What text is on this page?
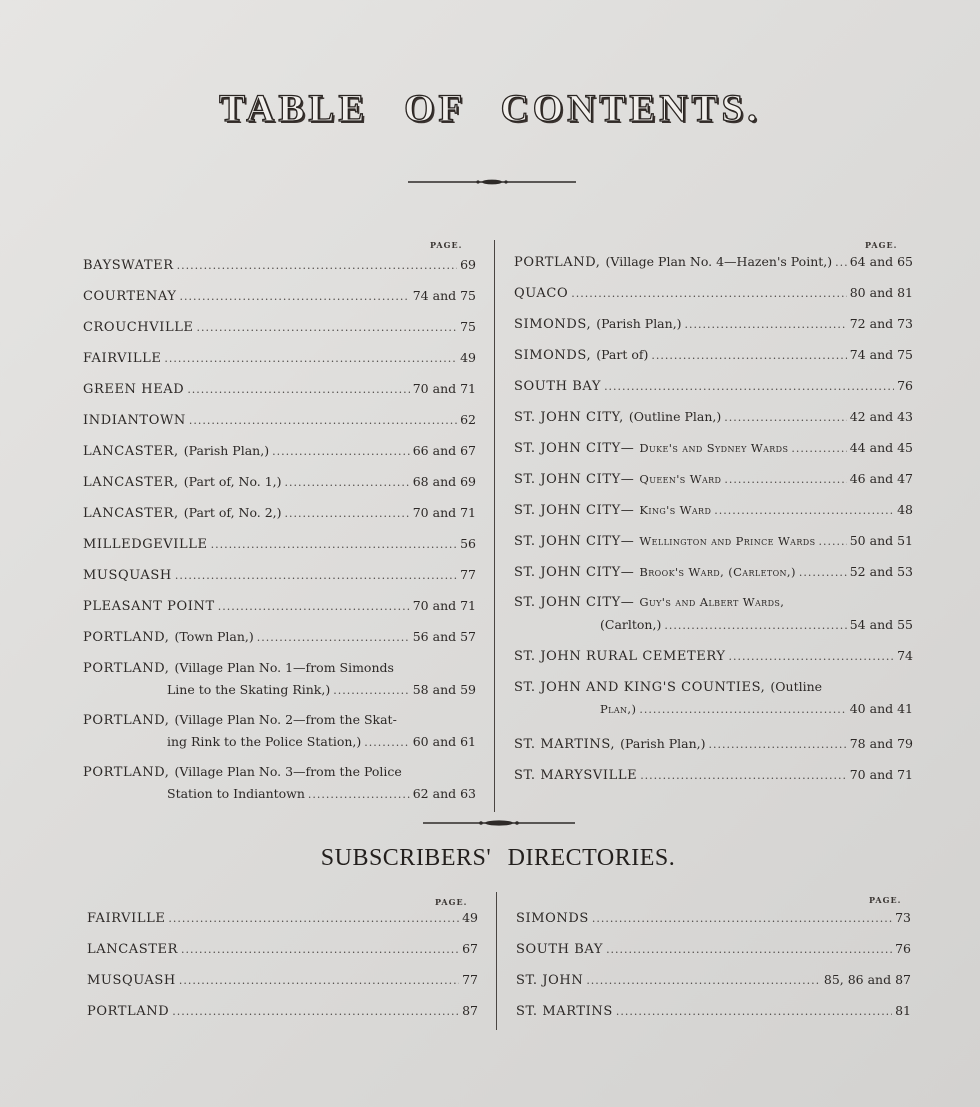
TABLE OF CONTENTS.
PAGE.	PAGE.
BAYSWATER .....	69
COURTENAY .....	74 and 75
CROUCHVILLE .....	75
FAIRVILLE .....	49
GREEN HEAD .....	70 and 71
INDIANTOWN .....	62
LANCASTER, (Parish Plan,) .....	66 and 67
LANCASTER, (Part of, No. 1,) .....	68 and 69
LANCASTER, (Part of, No. 2,) .....	70 and 71
MILLEDGEVILLE .....	56
MUSQUASH .....	77
PLEASANT POINT .....	70 and 71
PORTLAND, (Town Plan,) .....	56 and 57
PORTLAND, (Village Plan No. 1—from Simonds
Line to the Skating Rink,) .....	58 and 59
PORTLAND, (Village Plan No. 2—from the Skat-
ing Rink to the Police Station,) .....	60 and 61
PORTLAND, (Village Plan No. 3—from the Police
Station to Indiantown .....	62 and 63
PORTLAND, (Village Plan No. 4—Hazen's Point,) ..... 64 and 65
QUACO .....	80 and 81
SIMONDS, (Parish Plan,) .....	72 and 73
SIMONDS, (Part of) .....	74 and 75
SOUTH BAY .....	76
ST. JOHN CITY, (Outline Plan,) .....	42 and 43
ST. JOHN CITY— Duke's and Sydney Wards .....	44 and 45
ST. JOHN CITY— Queen's Ward .....	46 and 47
ST. JOHN CITY— King's Ward .....	48
ST. JOHN CITY— Wellington and Prince Wards .....	50 and 51
ST. JOHN CITY— Brook's Ward, (Carleton,) .....	52 and 53
ST. JOHN CITY— Guy's and Albert Wards,
(Carlton,) .....	54 and 55
ST. JOHN RURAL CEMETERY .....	74
ST. JOHN AND KING'S COUNTIES, (Outline
Plan,) .....	40 and 41
ST. MARTINS, (Parish Plan,) .....	78 and 79
ST. MARYSVILLE .....	70 and 71
SUBSCRIBERS' DIRECTORIES.
PAGE.	PAGE.
FAIRVILLE .....	49
LANCASTER .....	67
MUSQUASH .....	77
PORTLAND .....	87
SIMONDS .....	73
SOUTH BAY .....	76
ST. JOHN .....	85, 86 and 87
ST. MARTINS .....	81
